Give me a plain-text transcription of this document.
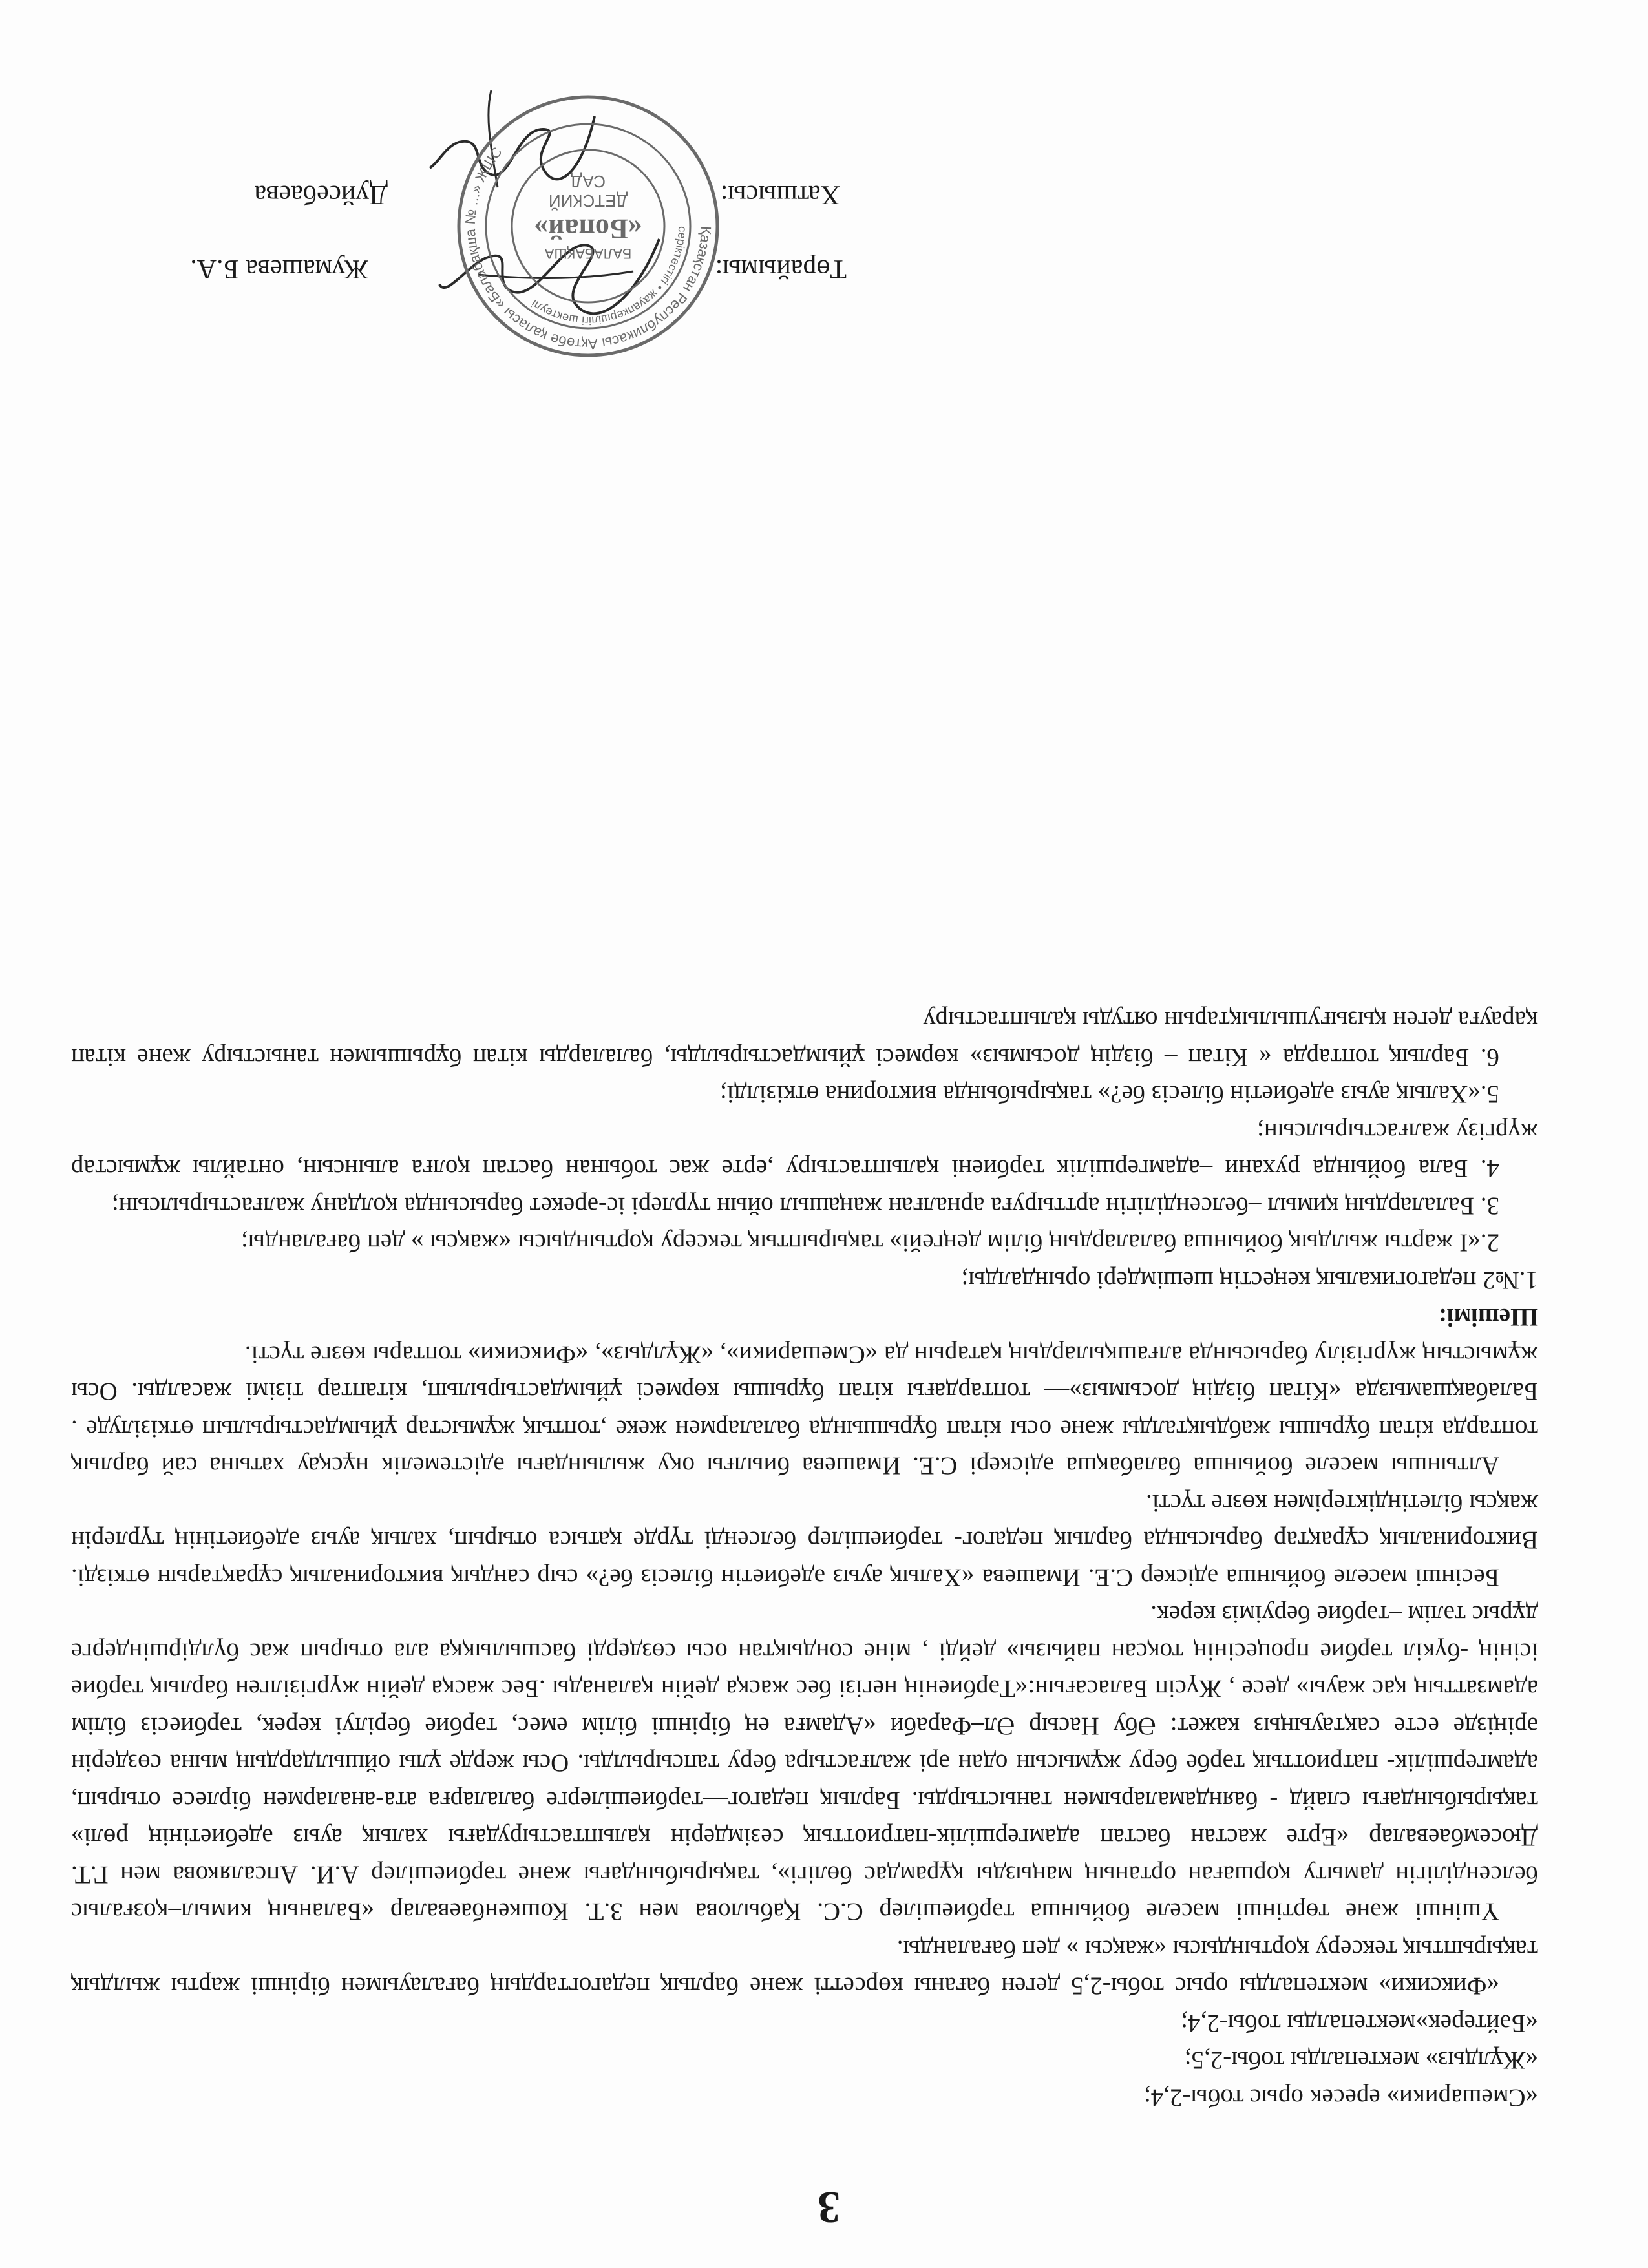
3

«Смешарики» ересек орыс тобы-2,4;

«Жұлдыз» мектепалды тобы-2,5;

«Бәйтерек»мектепалды тобы-2,4;

«Фиксики» мектепалды орыс тобы-2,5 деген бағаны көрсетті және барлық педагогтардың бағалауымен бірінші жарты жылдық тақырыптық тексеру қортындысы «жақсы » деп бағаланды.

Үшінші және төртінші мәселе бойынша тәрбиешілер С.С. Қабылова мен З.Т. Кошкенбаевалар «Баланың кимыл–қозғалыс белсенділігін дамыту қоршаған ортаның маңызды құрамдас бөлігі», тақырыбындағы және тәрбиешілер А.И. Апсалякова мен Г.Т. Дюсембаевалар «Ерте жастан бастап адамгершілік-патриоттық сезімдерін қалыптастырудағы халық ауыз әдебиетінің рөлі» тақырыбындағы слайд - баяндамаларымен таныстырды. Барлық педагог—тәрбиешілерге балаларға ата-аналармен бірлесе отырып, адамгершілік- патриоттық тәрбе беру жұмысын одан әрі жалғастыра беру тапсырылды. Осы жерде ұлы ойшылдардың мына сөздерін әріңізде есте сақтауыңыз кажет: Әбу Насыр Әл–Фараби «Адамға ең бірінші білім емес, тәрбие берілуі керек, тәрбиесіз білім адамзаттың қас жауы» десе , Жүсіп Баласағын:«Тәрбиенің негізі бес жасқа дейін қаланады .Бес жасқа дейін жүргізілген барлық тәрбие ісінің -бүкіл тәрбие процесінің тоқсан пайызы» дейді , міне сондықтан осы сөздерді басшылыққа ала отырып жас бүлдіршіндерге дұрыс тәлім –тәрбие беруіміз керек.

Бесінші мәселе бойынша әдіскер С.Е. Имашева «Халық ауыз әдебиетін білесіз бе?» сыр сандық викториналық сұрақтарын өткізді. Викториналық сұрақтар барысында барлық педагог- тәрбиешілер белсенді түрде қатыса отырып, халық ауыз әдебиетінің түрлерін жақсы білетіндіктерімен көзге түсті.

Алтыншы мәселе бойынша балабақша әдіскері С.Е. Имашева биылғы оқу жылындағы әдістемелік нұсқау хатына сай барлық топтарда кітап бұрышы жабдықталды және осы кітап бұрышында балалармен жеке ,топтық жұмыстар ұйымдастырылып өткізілуде . Балабақшамызда «Кітап біздің досымыз»— топтардағы кітап бұрышы көрмесі ұйымдастырылып, кітаптар тізімі жасалды. Осы жұмыстың жүргізілу барысында алғашқылардың қатарын да «Смешарики», «Жұлдыз», «Фиксики» топтары көзге түсті.

Шешімі:

1.№2 педагогикалық кеңестің шешімдері орындалды;

2.«І жарты жылдық бойынша балалардың білім деңгейі» тақырыптық тексеру қортындысы «жақсы » деп бағаланды;

3. Балалардың қимыл –белсенділігін арттыруға арналған жаңашыл ойын түрлері іс-әрекет барысында қолдану жалғастырылсын;

4. Бала бойында рухани –адамгершілік тәрбиені қалыптастыру ,ерте жас тобынан бастап қолға алынсын, онтайлы жұмыстар жүргізу жалғастырылсын;

5.«Халық ауыз әдебиетін білесіз бе?» тақырыбында викторина өткізілді;

6. Барлық топтарда « Кітап – біздің досымыз» көрмесі ұйымдастырылды, балаларды кітап бұрышымен таныстыру және кітап қарауға деген қызығушылықтарын оятуды қалыптастыру

Төрайымы:
Жумашева Б.А.
Хатшысы:
Дуйсебаева
Қазақстан Республикасы Ақтөбе қаласы «Балабақша № ...» ЖШС
серіктестігі • жауапкершілігі шектеулі
БАЛАБАҚША
«Бопай»
ДЕТСКИЙ
САД
